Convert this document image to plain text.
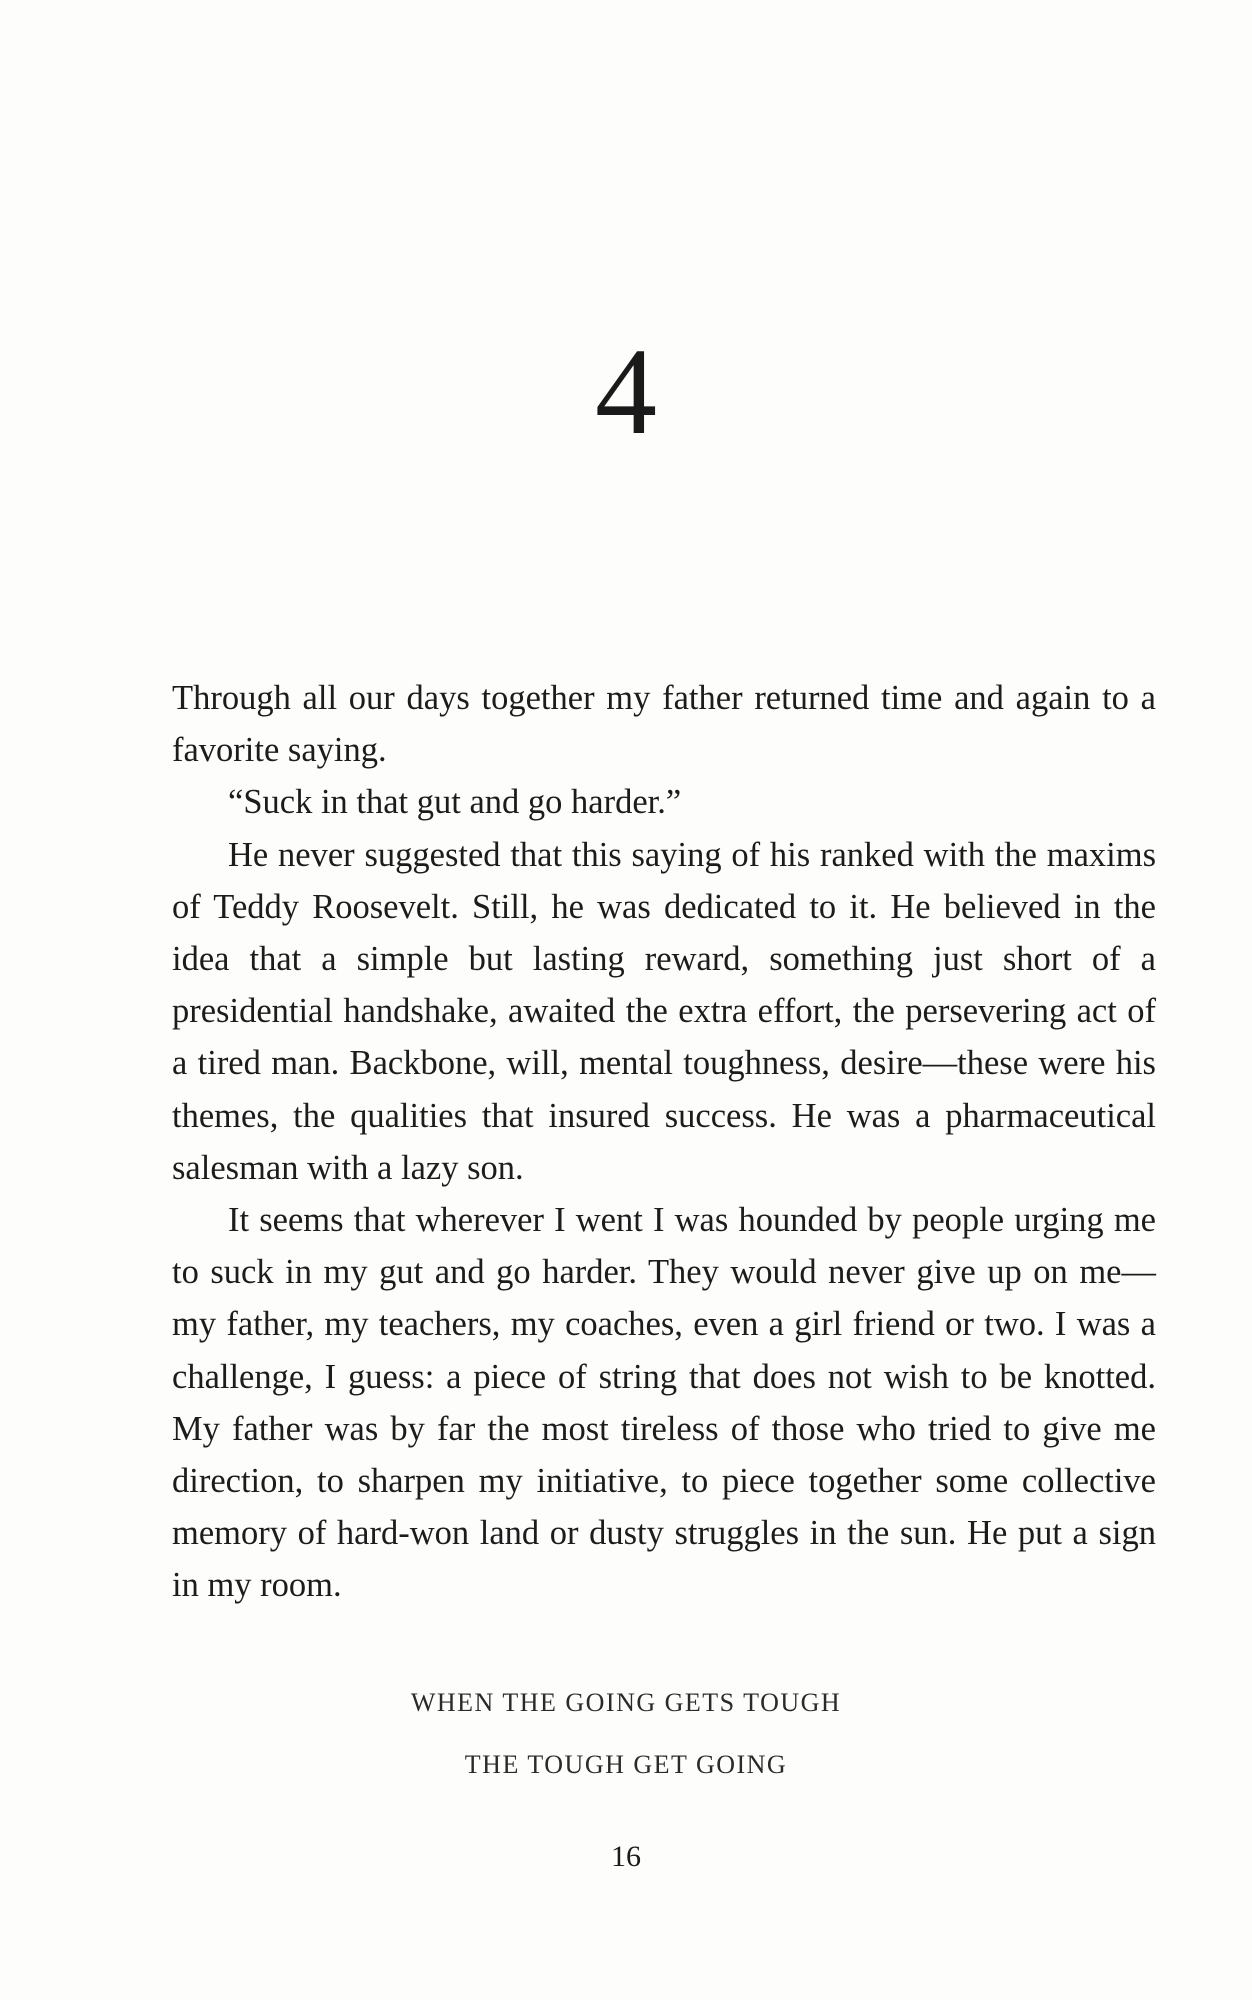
4

Through all our days together my father returned time and again to a favorite saying.

“Suck in that gut and go harder.”

He never suggested that this saying of his ranked with the maxims of Teddy Roosevelt. Still, he was dedicated to it. He believed in the idea that a simple but lasting reward, something just short of a presidential handshake, awaited the extra effort, the persevering act of a tired man. Backbone, will, mental toughness, desire—these were his themes, the qualities that insured success. He was a pharmaceutical salesman with a lazy son.

It seems that wherever I went I was hounded by people urging me to suck in my gut and go harder. They would never give up on me—my father, my teachers, my coaches, even a girl friend or two. I was a challenge, I guess: a piece of string that does not wish to be knotted. My father was by far the most tireless of those who tried to give me direction, to sharpen my initiative, to piece together some collective memory of hard-won land or dusty struggles in the sun. He put a sign in my room.

WHEN THE GOING GETS TOUGH
THE TOUGH GET GOING
16
